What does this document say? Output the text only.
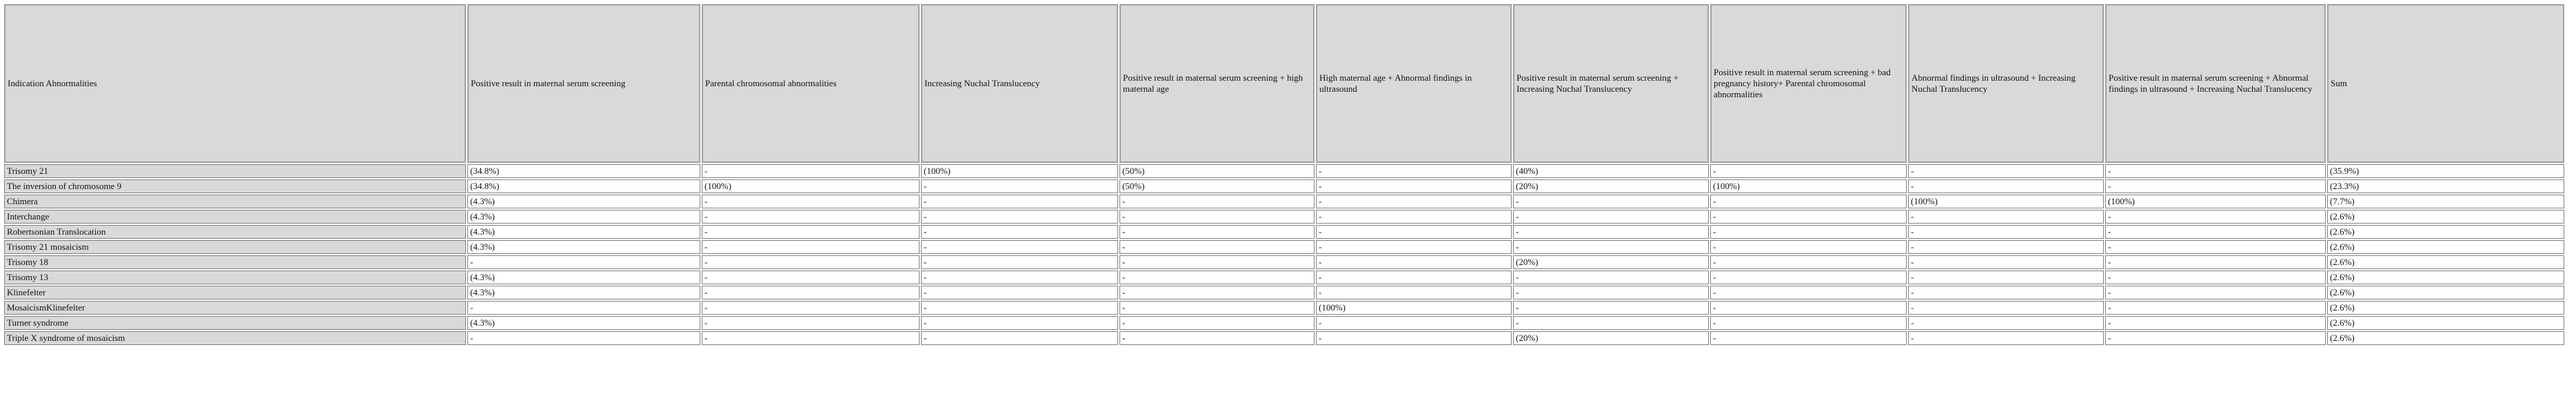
Indication Abnormalities	Positive result in maternal serum screening	Parental chromosomal abnormalities	Increasing Nuchal Translucency	Positive result in maternal serum screening + high maternal age	High maternal age + Abnormal findings in ultrasound	Positive result in maternal serum screening + Increasing Nuchal Translucency	Positive result in maternal serum screening + bad pregnancy history+ Parental chromosomal abnormalities	Abnormal findings in ultrasound + Increasing Nuchal Translucency	Positive result in maternal serum screening + Abnormal findings in ultrasound + Increasing Nuchal Translucency	Sum
Trisomy 21	(34.8%)	-	(100%)	(50%)	-	(40%)	-	-	-	(35.9%)
The inversion of chromosome 9	(34.8%)	(100%)	-	(50%)	-	(20%)	(100%)	-	-	(23.3%)
Chimera	(4.3%)	-	-	-	-	-	-	(100%)	(100%)	(7.7%)
Interchange	(4.3%)	-	-	-	-	-	-	-	-	(2.6%)
Robertsonian Translocation	(4.3%)	-	-	-	-	-	-	-	-	(2.6%)
Trisomy 21 mosaicism	(4.3%)	-	-	-	-	-	-	-	-	(2.6%)
Trisomy 18	-	-	-	-	-	(20%)	-	-	-	(2.6%)
Trisomy 13	(4.3%)	-	-	-	-	-	-	-	-	(2.6%)
Klinefelter	(4.3%)	-	-	-	-	-	-	-	-	(2.6%)
MosaicismKlinefelter	-	-	-	-	(100%)	-	-	-	-	(2.6%)
Turner syndrome	(4.3%)	-	-	-	-	-	-	-	-	(2.6%)
Triple X syndrome of mosaicism	-	-	-	-	-	(20%)	-	-	-	(2.6%)
